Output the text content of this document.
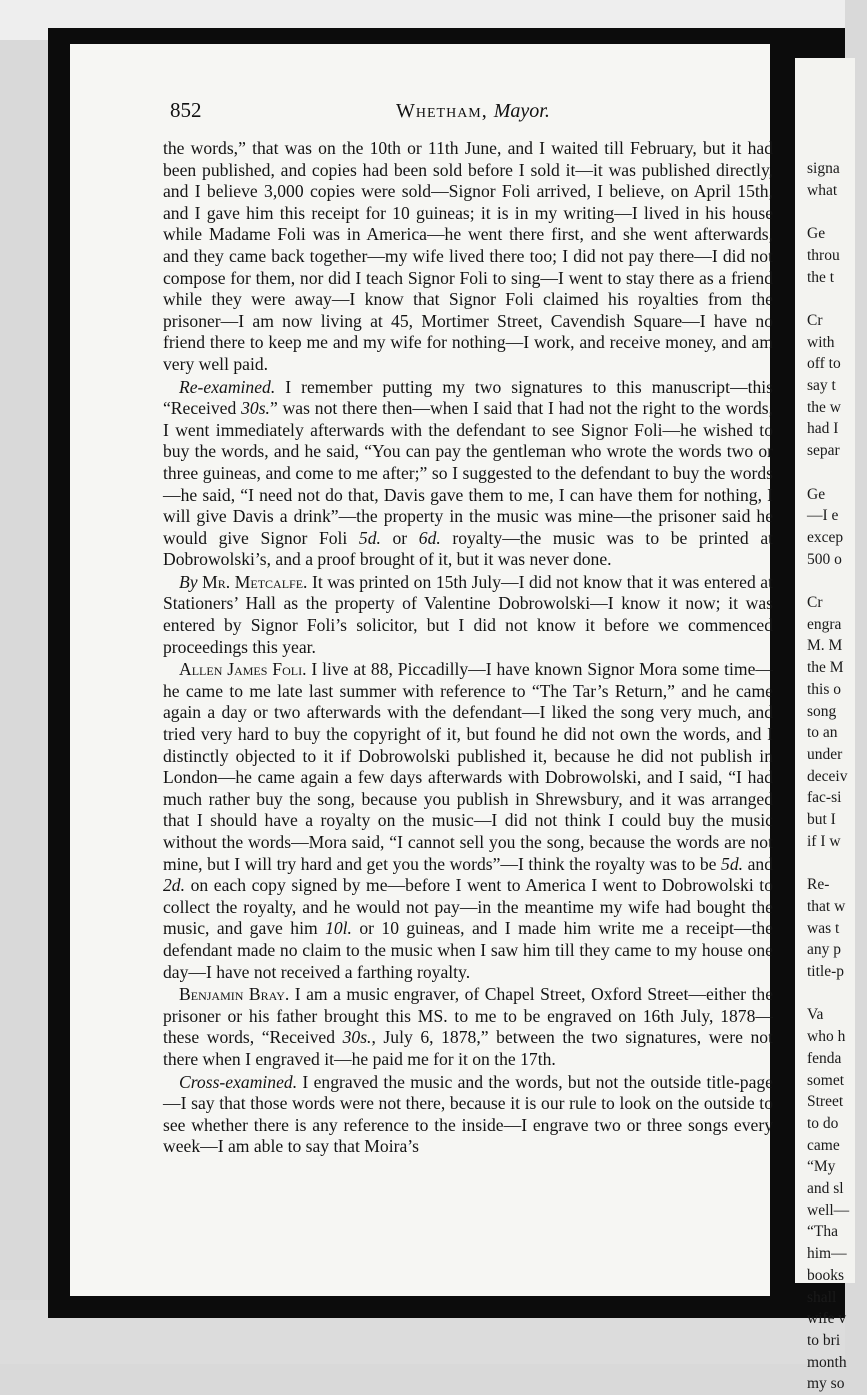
signa
what

Ge
throu
the t

Cr
with
off to
say t
the w
had I
separ

Ge
—I e
excep
500 o

Cr
engra
M. M
the M
this o
song
to an
under
deceiv
fac-si
but I
if I w

Re-
that w
was t
any p
title-p

Va
who h
fenda
somet
Street
to do
came
“My
and sl
well—
“Tha
him—
books
shall
wife v
to bri
month
my so
852	Whetham, Mayor.

the words,” that was on the 10th or 11th June, and I waited till February, but it had been published, and copies had been sold before I sold it—it was published directly, and I believe 3,000 copies were sold—Signor Foli arrived, I believe, on April 15th, and I gave him this receipt for 10 guineas; it is in my writing—I lived in his house while Madame Foli was in America—he went there first, and she went afterwards, and they came back together—my wife lived there too; I did not pay there—I did not compose for them, nor did I teach Signor Foli to sing—I went to stay there as a friend while they were away—I know that Signor Foli claimed his royalties from the prisoner—I am now living at 45, Mortimer Street, Cavendish Square—I have no friend there to keep me and my wife for nothing—I work, and receive money, and am very well paid.

Re-examined. I remember putting my two signatures to this manuscript—this “Received 30s.” was not there then—when I said that I had not the right to the words, I went immediately afterwards with the defendant to see Signor Foli—he wished to buy the words, and he said, “You can pay the gentleman who wrote the words two or three guineas, and come to me after;” so I suggested to the defendant to buy the words—he said, “I need not do that, Davis gave them to me, I can have them for nothing, I will give Davis a drink”—the property in the music was mine—the prisoner said he would give Signor Foli 5d. or 6d. royalty—the music was to be printed at Dobrowolski’s, and a proof brought of it, but it was never done.

By Mr. Metcalfe. It was printed on 15th July—I did not know that it was entered at Stationers’ Hall as the property of Valentine Dobrowolski—I know it now; it was entered by Signor Foli’s solicitor, but I did not know it before we commenced proceedings this year.

Allen James Foli. I live at 88, Piccadilly—I have known Signor Mora some time—he came to me late last summer with reference to “The Tar’s Return,” and he came again a day or two afterwards with the defendant—I liked the song very much, and tried very hard to buy the copyright of it, but found he did not own the words, and I distinctly objected to it if Dobrowolski published it, because he did not publish in London—he came again a few days afterwards with Dobrowolski, and I said, “I had much rather buy the song, because you publish in Shrewsbury, and it was arranged that I should have a royalty on the music—I did not think I could buy the music without the words—Mora said, “I cannot sell you the song, because the words are not mine, but I will try hard and get you the words”—I think the royalty was to be 5d. and 2d. on each copy signed by me—before I went to America I went to Dobrowolski to collect the royalty, and he would not pay—in the meantime my wife had bought the music, and gave him 10l. or 10 guineas, and I made him write me a receipt—the defendant made no claim to the music when I saw him till they came to my house one day—I have not received a farthing royalty.

Benjamin Bray. I am a music engraver, of Chapel Street, Oxford Street—either the prisoner or his father brought this MS. to me to be engraved on 16th July, 1878—these words, “Received 30s., July 6, 1878,” between the two signatures, were not there when I engraved it—he paid me for it on the 17th.

Cross-examined. I engraved the music and the words, but not the outside title-page—I say that those words were not there, because it is our rule to look on the outside to see whether there is any reference to the inside—I engrave two or three songs every week—I am able to say that Moira’s
